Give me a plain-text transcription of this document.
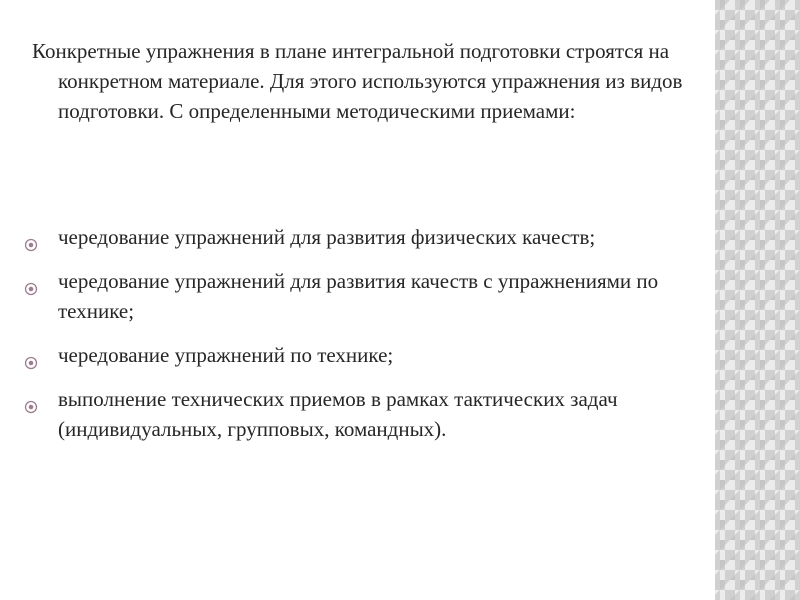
Конкретные упражнения в плане интегральной подготовки строятся на конкретном материале. Для этого используются упражнения из видов подготовки. С определенными методическими приемами:

чередование упражнений для развития физических качеств;
чередование упражнений для развития качеств с упражнениями по технике;
чередование упражнений по технике;
выполнение технических приемов в рамках тактических задач (индивидуальных, групповых, командных).
